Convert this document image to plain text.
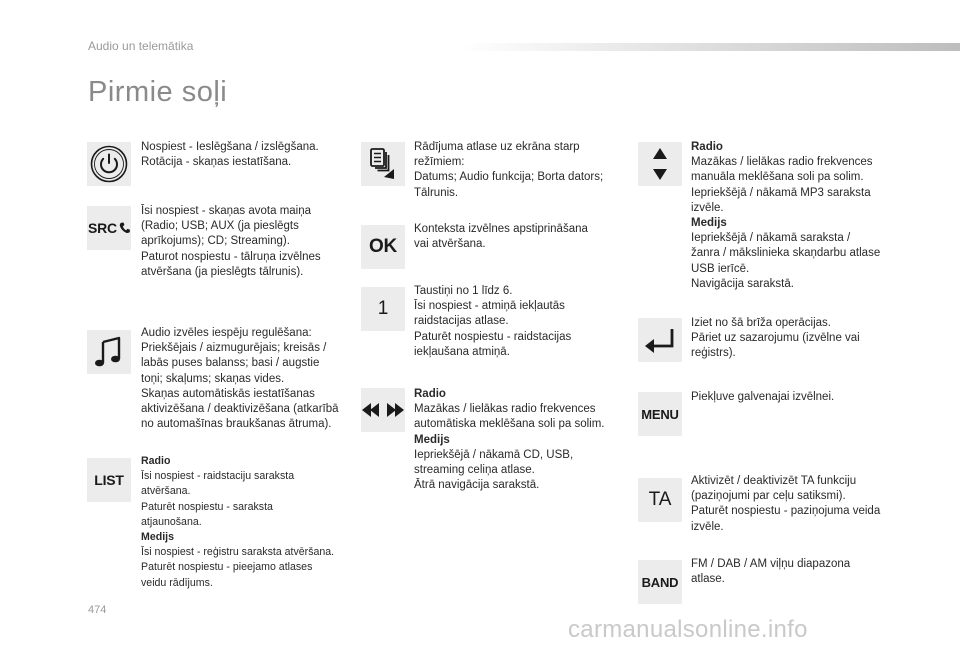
Audio un telemātika
Pirmie soļi
Nospiest - Ieslēgšana / izslēgšana.
Rotācija - skaņas iestatīšana.
SRC
Īsi nospiest - skaņas avota maiņa
(Radio; USB; AUX (ja pieslēgts
aprīkojums); CD; Streaming).
Paturot nospiestu - tālruņa izvēlnes
atvēršana (ja pieslēgts tālrunis).
Audio izvēles iespēju regulēšana:
Priekšējais / aizmugurējais; kreisās /
labās puses balanss; basi / augstie
toņi; skaļums; skaņas vides.
Skaņas automātiskās iestatīšanas
aktivizēšana / deaktivizēšana (atkarībā
no automašīnas braukšanas ātruma).
LIST
Radio
Īsi nospiest - raidstaciju saraksta
atvēršana.
Paturēt nospiestu - saraksta
atjaunošana.
Medijs
Īsi nospiest - reģistru saraksta atvēršana.
Paturēt nospiestu - pieejamo atlases
veidu rādījums.
Rādījuma atlase uz ekrāna starp
režīmiem:
Datums; Audio funkcija; Borta dators;
Tālrunis.
OK
Konteksta izvēlnes apstiprināšana
vai atvēršana.
1
Taustiņi no 1 līdz 6.
Īsi nospiest - atmiņā iekļautās
raidstacijas atlase.
Paturēt nospiestu - raidstacijas
iekļaušana atmiņā.
Radio
Mazākas / lielākas radio frekvences
automātiska meklēšana soli pa solim.
Medijs
Iepriekšējā / nākamā CD, USB,
streaming celiņa atlase.
Ātrā navigācija sarakstā.
Radio
Mazākas / lielākas radio frekvences
manuāla meklēšana soli pa solim.
Iepriekšējā / nākamā MP3 saraksta
izvēle.
Medijs
Iepriekšējā / nākamā saraksta /
žanra / mākslinieka skaņdarbu atlase
USB ierīcē.
Navigācija sarakstā.
Iziet no šā brīža operācijas.
Pāriet uz sazarojumu (izvēlne vai
reģistrs).
MENU
Piekļuve galvenajai izvēlnei.
TA
Aktivizēt / deaktivizēt TA funkciju
(paziņojumi par ceļu satiksmi).
Paturēt nospiestu - paziņojuma veida
izvēle.
BAND
FM / DAB / AM viļņu diapazona
atlase.
474
carmanualsonline.info
